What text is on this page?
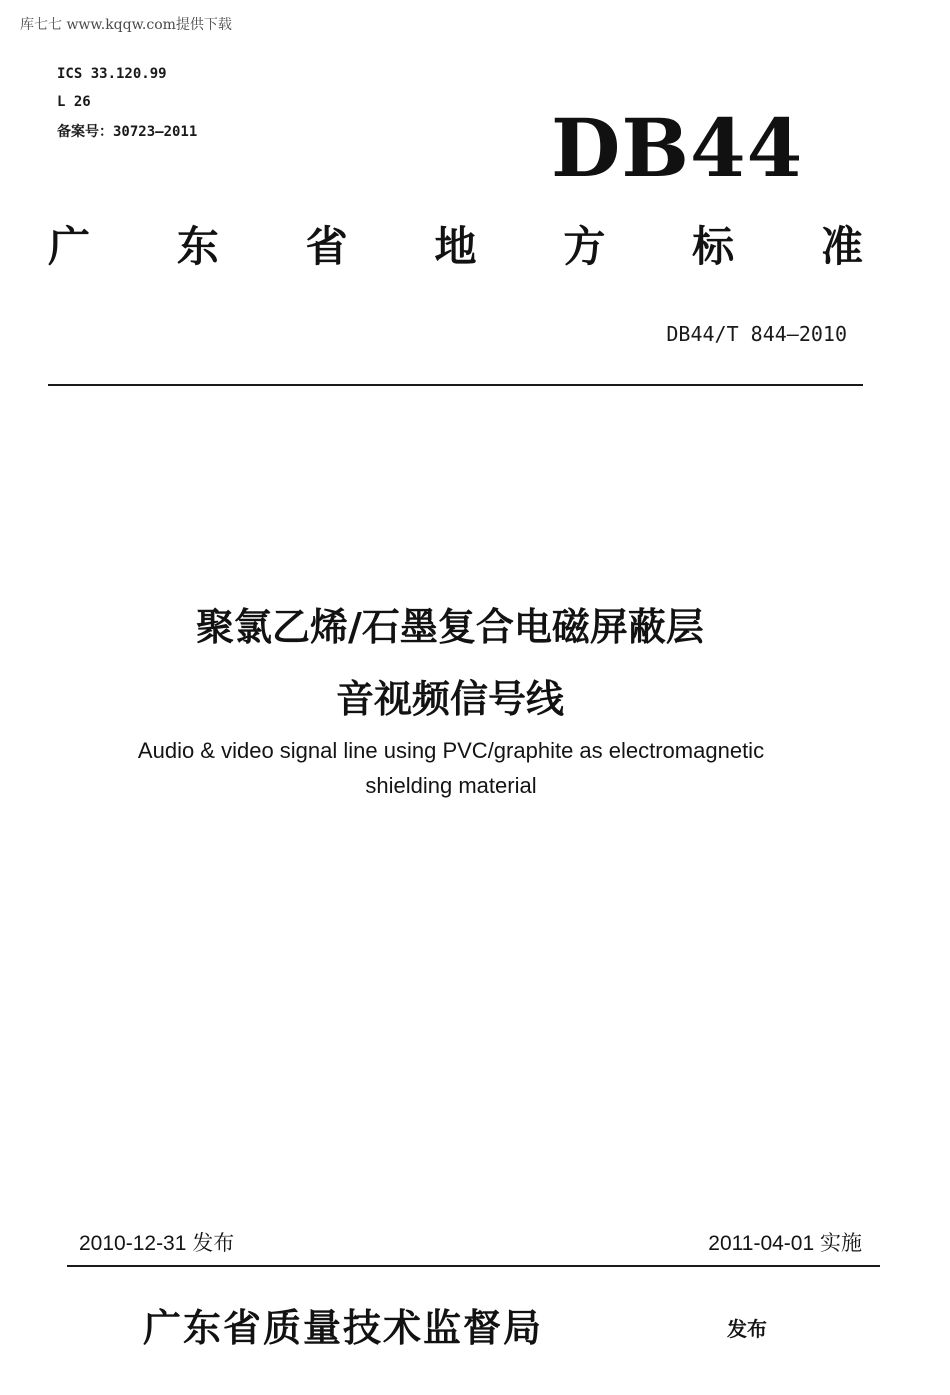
库七七 www.kqqw.com提供下载
ICS 33.120.99
L 26
备案号：30723—2011	DB44
广 东 省 地 方 标 准
DB44/T 844—2010
聚氯乙烯/石墨复合电磁屏蔽层
音视频信号线
Audio & video signal line using PVC/graphite as electromagnetic
shielding material
2010-12-31 发布	2011-04-01 实施
广东省质量技术监督局	发布
